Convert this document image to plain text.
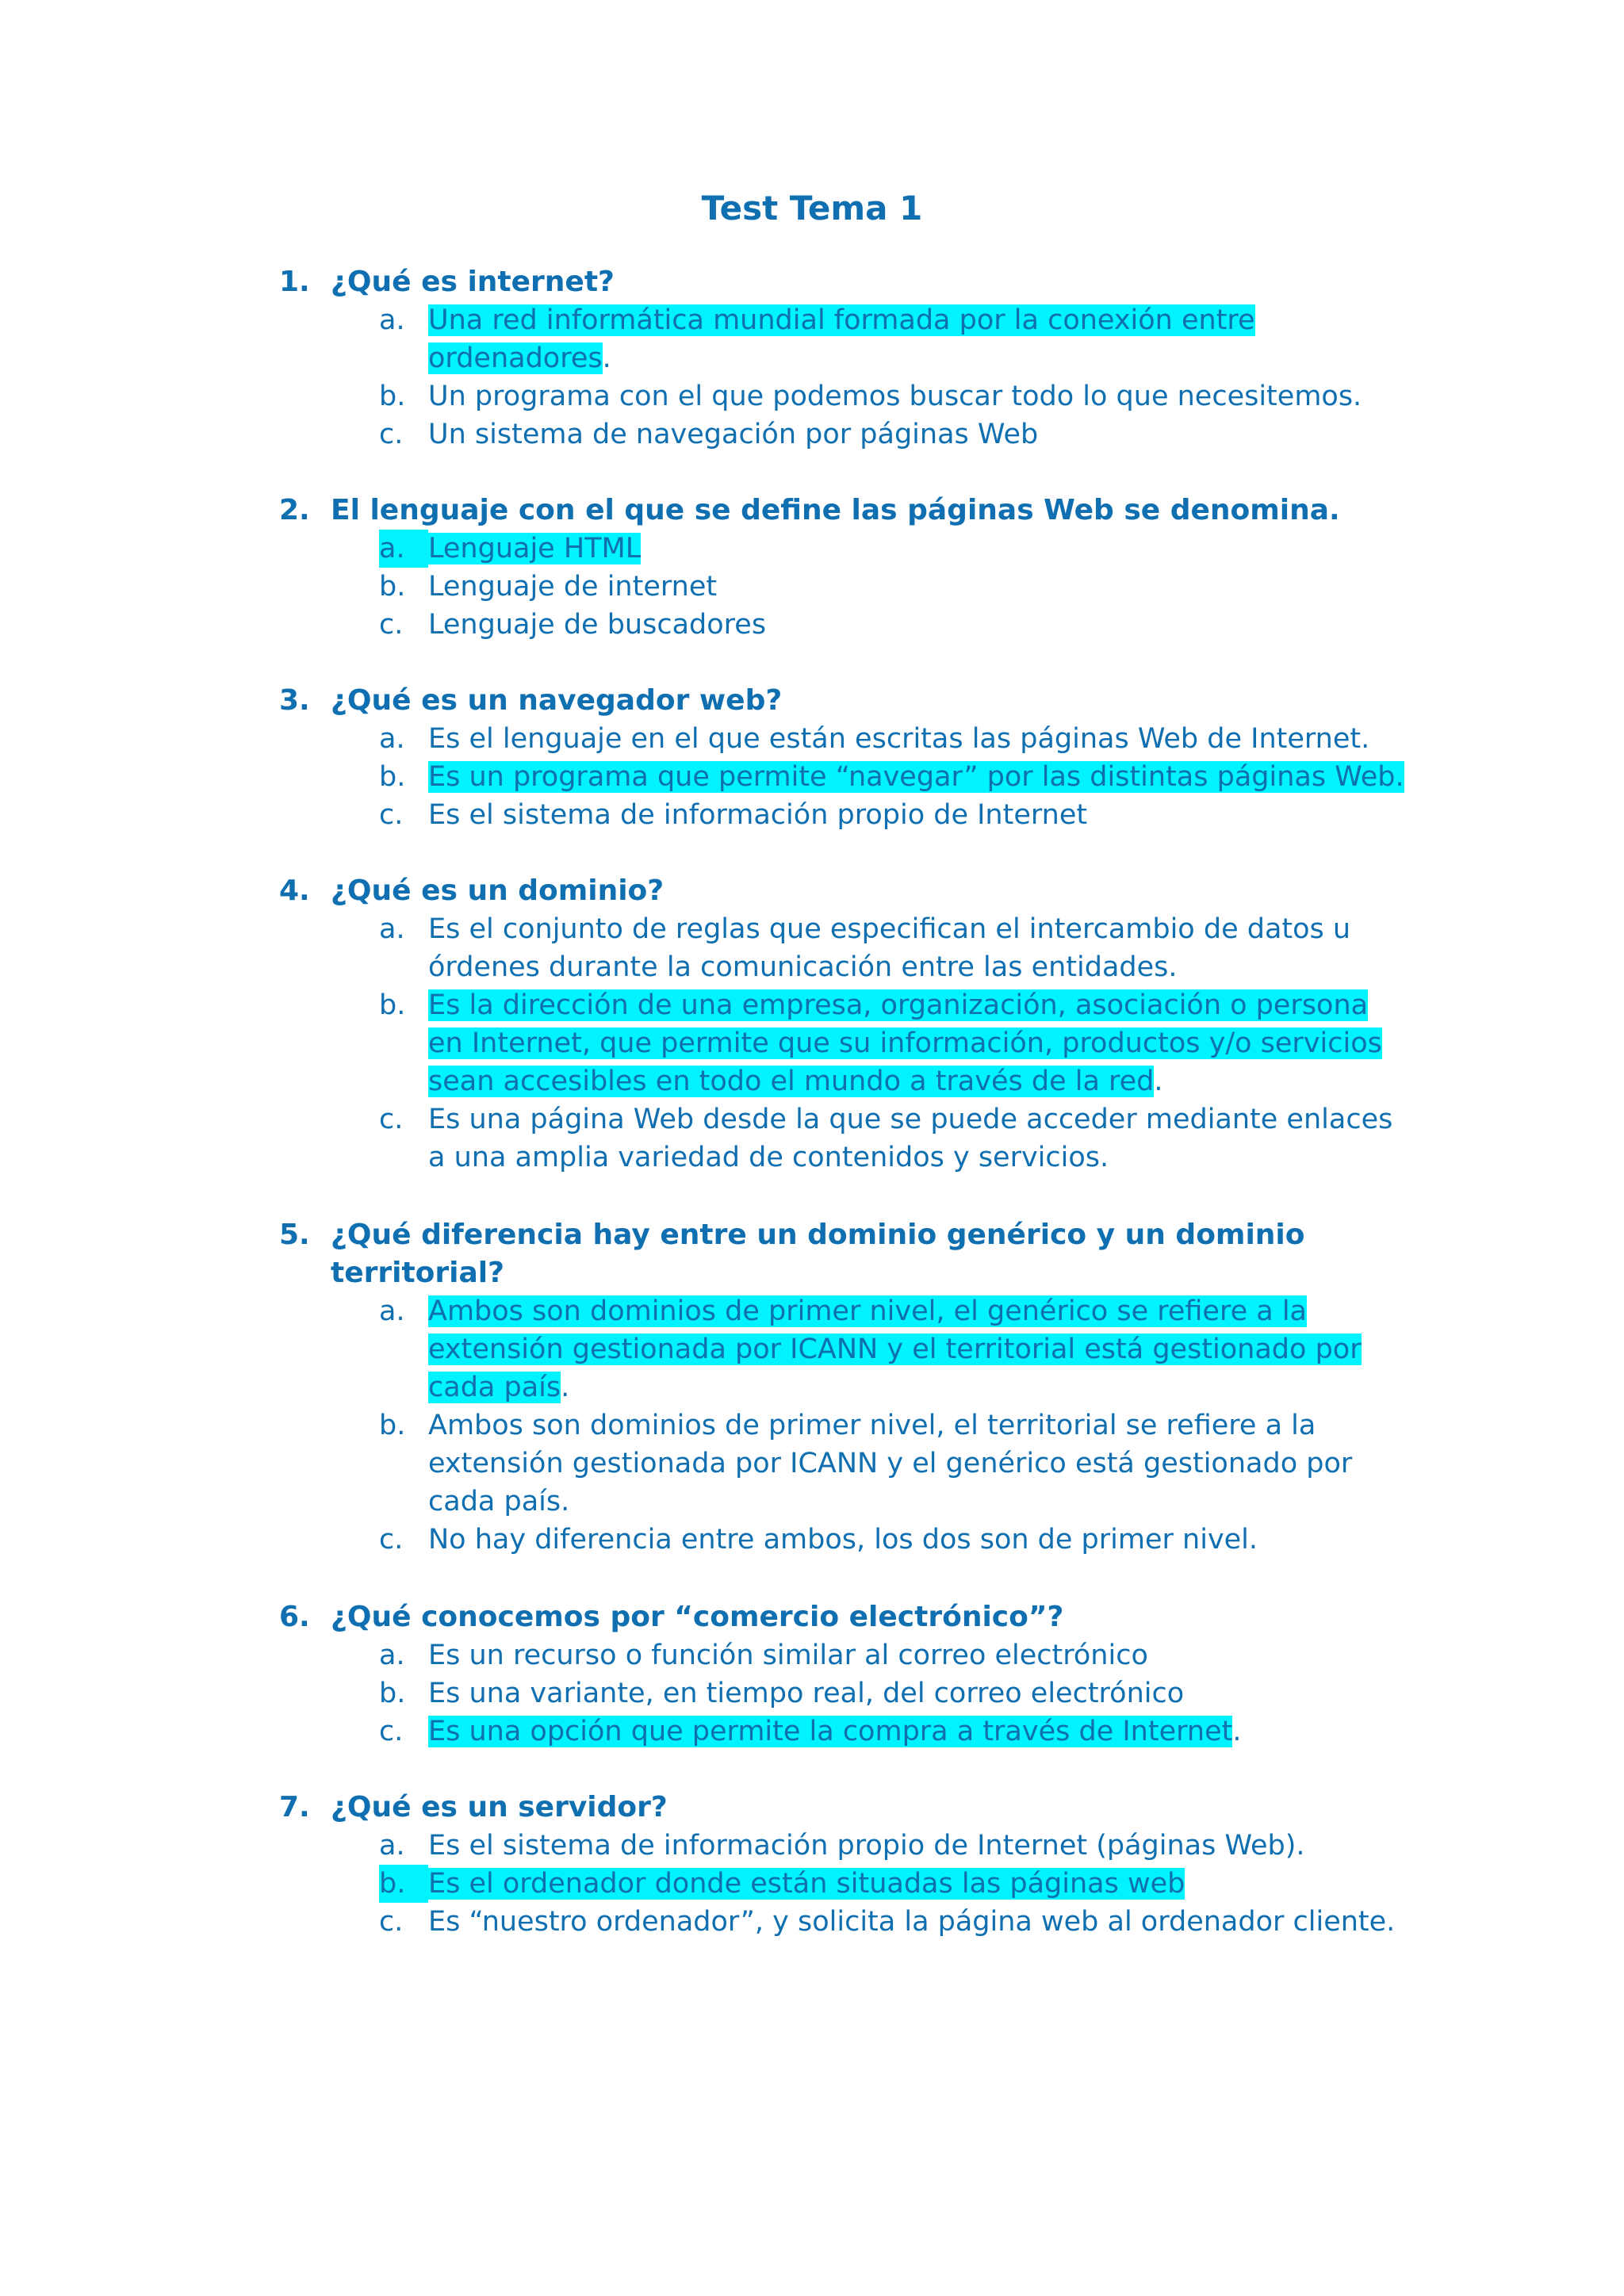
Test Tema 1

1. ¿Qué es internet?

a. Una red informática mundial formada por la conexión entre ordenadores.
b. Un programa con el que podemos buscar todo lo que necesitemos.
c. Un sistema de navegación por páginas Web

2. El lenguaje con el que se define las páginas Web se denomina.

a. Lenguaje HTML
b. Lenguaje de internet
c. Lenguaje de buscadores

3. ¿Qué es un navegador web?

a. Es el lenguaje en el que están escritas las páginas Web de Internet.
b. Es un programa que permite “navegar” por las distintas páginas Web.
c. Es el sistema de información propio de Internet

4. ¿Qué es un dominio?

a. Es el conjunto de reglas que especifican el intercambio de datos u órdenes durante la comunicación entre las entidades.
b. Es la dirección de una empresa, organización, asociación o persona en Internet, que permite que su información, productos y/o servicios sean accesibles en todo el mundo a través de la red.
c. Es una página Web desde la que se puede acceder mediante enlaces a una amplia variedad de contenidos y servicios.

5. ¿Qué diferencia hay entre un dominio genérico y un dominio territorial?

a. Ambos son dominios de primer nivel, el genérico se refiere a la extensión gestionada por ICANN y el territorial está gestionado por cada país.
b. Ambos son dominios de primer nivel, el territorial se refiere a la extensión gestionada por ICANN y el genérico está gestionado por cada país.
c. No hay diferencia entre ambos, los dos son de primer nivel.

6. ¿Qué conocemos por “comercio electrónico”?

a. Es un recurso o función similar al correo electrónico
b. Es una variante, en tiempo real, del correo electrónico
c. Es una opción que permite la compra a través de Internet.

7. ¿Qué es un servidor?

a. Es el sistema de información propio de Internet (páginas Web).
b. Es el ordenador donde están situadas las páginas web
c. Es “nuestro ordenador”, y solicita la página web al ordenador cliente.
